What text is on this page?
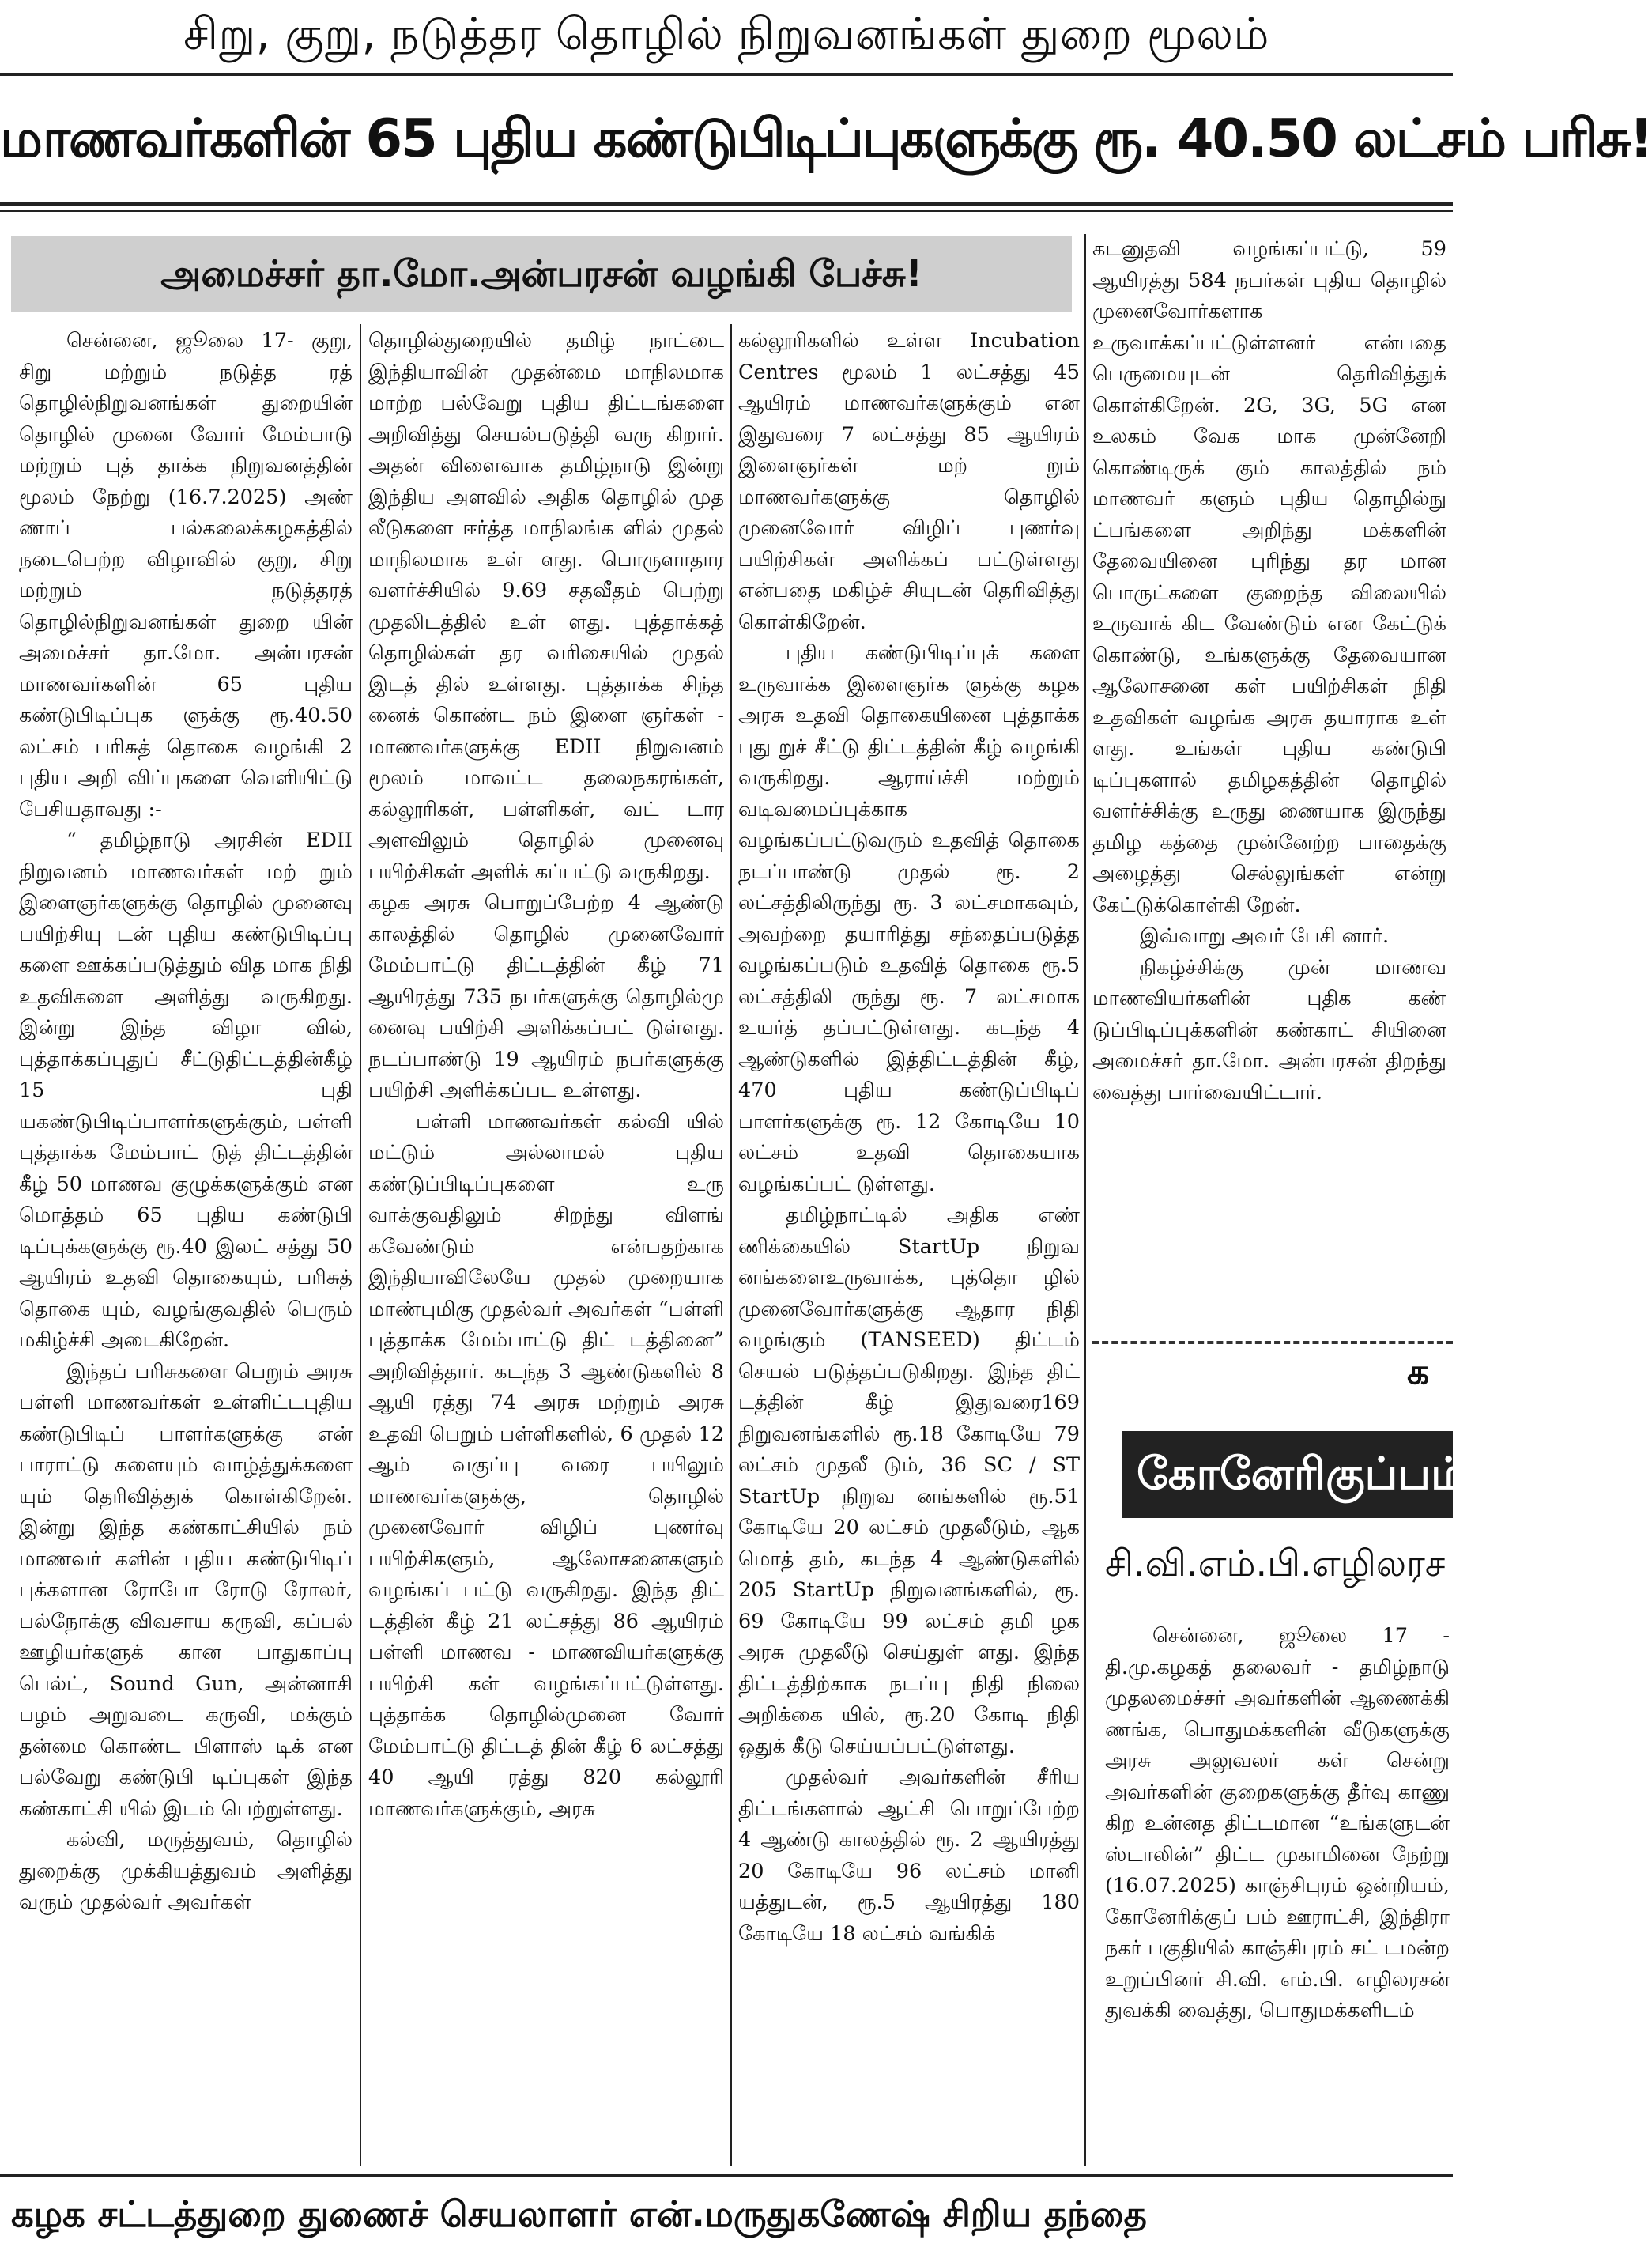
சிறு, குறு, நடுத்தர தொழில் நிறுவனங்கள் துறை மூலம்
மாணவர்களின் 65 புதிய கண்டுபிடிப்புகளுக்கு ரூ. 40.50 லட்சம் பரிசு!
அமைச்சர் தா.மோ.அன்பரசன் வழங்கி பேச்சு!

சென்னை, ஜூலை 17- குறு, சிறு மற்றும் நடுத்த ரத் தொழில்நிறுவனங்கள் துறையின் தொழில் முனை வோர் மேம்பாடு மற்றும் புத் தாக்க நிறுவனத்தின் மூலம் நேற்று (16.7.2025) அண் ணாப் பல்கலைக்கழகத்தில் நடைபெற்ற விழாவில் குறு, சிறு மற்றும் நடுத்தரத் தொழில்நிறுவனங்கள் துறை யின் அமைச்சர் தா.மோ. அன்பரசன் மாணவர்களின் 65 புதிய கண்டுபிடிப்புக ளுக்கு ரூ.40.50 லட்சம் பரிசுத் தொகை வழங்கி 2 புதிய அறி விப்புகளை வெளியிட்டு பேசியதாவது :-

“ தமிழ்நாடு அரசின் EDII நிறுவனம் மாணவர்கள் மற் றும் இளைஞர்களுக்கு தொழில் முனைவு பயிற்சியு டன் புதிய கண்டுபிடிப்பு களை ஊக்கப்படுத்தும் வித மாக நிதி உதவிகளை அளித்து வருகிறது. இன்று இந்த விழா வில், புத்தாக்கப்புதுப் சீட்டுதிட்டத்தின்கீழ் 15 புதி யகண்டுபிடிப்பாளர்களுக்கும், பள்ளி புத்தாக்க மேம்பாட் டுத் திட்டத்தின் கீழ் 50 மாணவ குழுக்களுக்கும் என மொத்தம் 65 புதிய கண்டுபி டிப்புக்களுக்கு ரூ.40 இலட் சத்து 50 ஆயிரம் உதவி தொகையும், பரிசுத் தொகை யும், வழங்குவதில் பெரும் மகிழ்ச்சி அடைகிறேன்.

இந்தப் பரிசுகளை பெறும் அரசு பள்ளி மாணவர்கள் உள்ளிட்டபுதிய கண்டுபிடிப் பாளர்களுக்கு என் பாராட்டு களையும் வாழ்த்துக்களை யும் தெரிவித்துக் கொள்கிறேன். இன்று இந்த கண்காட்சியில் நம் மாணவர் களின் புதிய கண்டுபிடிப் புக்களான ரோபோ ரோடு ரோலர், பல்நோக்கு விவசாய கருவி, கப்பல் ஊழியர்களுக் கான பாதுகாப்பு பெல்ட், Sound Gun, அன்னாசி பழம் அறுவடை கருவி, மக்கும் தன்மை கொண்ட பிளாஸ் டிக் என பல்வேறு கண்டுபி டிப்புகள் இந்த கண்காட்சி யில் இடம் பெற்றுள்ளது.

கல்வி, மருத்துவம், தொழில் துறைக்கு முக்கியத்துவம் அளித்து வரும் முதல்வர் அவர்கள்

தொழில்துறையில் தமிழ் நாட்டை இந்தியாவின் முதன்மை மாநிலமாக மாற்ற பல்வேறு புதிய திட்டங்களை அறிவித்து செயல்படுத்தி வரு கிறார். அதன் விளைவாக தமிழ்நாடு இன்று இந்திய அளவில் அதிக தொழில் முத லீடுகளை ஈர்த்த மாநிலங்க ளில் முதல் மாநிலமாக உள் ளது. பொருளாதார வளர்ச்சியில் 9.69 சதவீதம் பெற்று முதலிடத்தில் உள் ளது. புத்தாக்கத் தொழில்கள் தர வரிசையில் முதல் இடத் தில் உள்ளது. புத்தாக்க சிந்த னைக் கொண்ட நம் இளை ஞர்கள் - மாணவர்களுக்கு EDII நிறுவனம் மூலம் மாவட்ட தலைநகரங்கள், கல்லூரிகள், பள்ளிகள், வட் டார அளவிலும் தொழில் முனைவு பயிற்சிகள் அளிக் கப்பட்டு வருகிறது.

கழக அரசு பொறுப்பேற்ற 4 ஆண்டு காலத்தில் தொழில் முனைவோர் மேம்பாட்டு திட்டத்தின் கீழ் 71 ஆயிரத்து 735 நபர்களுக்கு தொழில்மு னைவு பயிற்சி அளிக்கப்பட் டுள்ளது. நடப்பாண்டு 19 ஆயிரம் நபர்களுக்கு பயிற்சி அளிக்கப்பட உள்ளது.

பள்ளி மாணவர்கள் கல்வி யில் மட்டும் அல்லாமல் புதிய கண்டுப்பிடிப்புகளை உரு வாக்குவதிலும் சிறந்து விளங் கவேண்டும் என்பதற்காக இந்தியாவிலேயே முதல் முறையாக மாண்புமிகு முதல்வர் அவர்கள் “பள்ளி புத்தாக்க மேம்பாட்டு திட் டத்தினை” அறிவித்தார். கடந்த 3 ஆண்டுகளில் 8 ஆயி ரத்து 74 அரசு மற்றும் அரசு உதவி பெறும் பள்ளிகளில், 6 முதல் 12 ஆம் வகுப்பு வரை பயிலும் மாணவர்களுக்கு, தொழில் முனைவோர் விழிப் புணர்வு பயிற்சிகளும், ஆலோசனைகளும் வழங்கப் பட்டு வருகிறது. இந்த திட் டத்தின் கீழ் 21 லட்சத்து 86 ஆயிரம் பள்ளி மாணவ - மாணவியர்களுக்கு பயிற்சி கள் வழங்கப்பட்டுள்ளது. புத்தாக்க தொழில்முனை வோர் மேம்பாட்டு திட்டத் தின் கீழ் 6 லட்சத்து 40 ஆயி ரத்து 820 கல்லூரி மாணவர்களுக்கும், அரசு

கல்லூரிகளில் உள்ள Incubation Centres மூலம் 1 லட்சத்து 45 ஆயிரம் மாணவர்களுக்கும் என இதுவரை 7 லட்சத்து 85 ஆயிரம் இளைஞர்கள் மற் றும் மாணவர்களுக்கு தொழில் முனைவோர் விழிப் புணர்வு பயிற்சிகள் அளிக்கப் பட்டுள்ளது என்பதை மகிழ்ச் சியுடன் தெரிவித்து கொள்கிறேன்.

புதிய கண்டுபிடிப்புக் களை உருவாக்க இளைஞர்க ளுக்கு கழக அரசு உதவி தொகையினை புத்தாக்க புது றுச் சீட்டு திட்டத்தின் கீழ் வழங்கி வருகிறது. ஆராய்ச்சி மற்றும் வடிவமைப்புக்காக வழங்கப்பட்டுவரும் உதவித் தொகை நடப்பாண்டு முதல் ரூ. 2 லட்சத்திலிருந்து ரூ. 3 லட்சமாகவும், அவற்றை தயாரித்து சந்தைப்படுத்த வழங்கப்படும் உதவித் தொகை ரூ.5 லட்சத்திலி ருந்து ரூ. 7 லட்சமாக உயர்த் தப்பட்டுள்ளது. கடந்த 4 ஆண்டுகளில் இத்திட்டத்தின் கீழ், 470 புதிய கண்டுப்பிடிப் பாளர்களுக்கு ரூ. 12 கோடியே 10 லட்சம் உதவி தொகையாக வழங்கப்பட் டுள்ளது.

தமிழ்நாட்டில் அதிக எண் ணிக்கையில் StartUp நிறுவ னங்களைஉருவாக்க, புத்தொ ழில் முனைவோர்களுக்கு ஆதார நிதி வழங்கும் (TANSEED) திட்டம் செயல் படுத்தப்படுகிறது. இந்த திட் டத்தின் கீழ் இதுவரை169 நிறுவனங்களில் ரூ.18 கோடியே 79 லட்சம் முதலீ டும், 36 SC / ST StartUp நிறுவ னங்களில் ரூ.51 கோடியே 20 லட்சம் முதலீடும், ஆக மொத் தம், கடந்த 4 ஆண்டுகளில் 205 StartUp நிறுவனங்களில், ரூ. 69 கோடியே 99 லட்சம் தமி ழக அரசு முதலீடு செய்துள் ளது. இந்த திட்டத்திற்காக நடப்பு நிதி நிலை அறிக்கை யில், ரூ.20 கோடி நிதி ஒதுக் கீடு செய்யப்பட்டுள்ளது.

முதல்வர் அவர்களின் சீரிய திட்டங்களால் ஆட்சி பொறுப்பேற்ற 4 ஆண்டு காலத்தில் ரூ. 2 ஆயிரத்து 20 கோடியே 96 லட்சம் மானி யத்துடன், ரூ.5 ஆயிரத்து 180 கோடியே 18 லட்சம் வங்கிக்

கடனுதவி வழங்கப்பட்டு, 59 ஆயிரத்து 584 நபர்கள் புதிய தொழில் முனைவோர்களாக உருவாக்கப்பட்டுள்ளனர் என்பதை பெருமையுடன் தெரிவித்துக் கொள்கிறேன். 2G, 3G, 5G என உலகம் வேக மாக முன்னேறி கொண்டிருக் கும் காலத்தில் நம் மாணவர் களும் புதிய தொழில்நு ட்பங்களை அறிந்து மக்களின் தேவையினை புரிந்து தர மான பொருட்களை குறைந்த விலையில் உருவாக் கிட வேண்டும் என கேட்டுக் கொண்டு, உங்களுக்கு தேவையான ஆலோசனை கள் பயிற்சிகள் நிதி உதவிகள் வழங்க அரசு தயாராக உள் ளது. உங்கள் புதிய கண்டுபி டிப்புகளால் தமிழகத்தின் தொழில் வளர்ச்சிக்கு உருது ணையாக இருந்து தமிழ கத்தை முன்னேற்ற பாதைக்கு அழைத்து செல்லுங்கள் என்று கேட்டுக்கொள்கி றேன்.

இவ்வாறு அவர் பேசி னார்.

நிகழ்ச்சிக்கு முன் மாணவ மாணவியர்களின் புதிக கண் டுப்பிடிப்புக்களின் கண்காட் சியினை அமைச்சர் தா.மோ. அன்பரசன் திறந்து வைத்து பார்வையிட்டார்.

க
கோனேரிகுப்பம் கிரா
சி.வி.எம்.பி.எழிலரச

சென்னை, ஜூலை 17 - தி.மு.கழகத் தலைவர் - தமிழ்நாடு முதலமைச்சர் அவர்களின் ஆணைக்கி ணங்க, பொதுமக்களின் வீடுகளுக்கு அரசு அலுவலர் கள் சென்று அவர்களின் குறைகளுக்கு தீர்வு காணு கிற உன்னத திட்டமான “உங்களுடன் ஸ்டாலின்” திட்ட முகாமினை நேற்று (16.07.2025) காஞ்சிபுரம் ஒன்றியம், கோனேரிக்குப் பம் ஊராட்சி, இந்திரா நகர் பகுதியில் காஞ்சிபுரம் சட் டமன்ற உறுப்பினர் சி.வி. எம்.பி. எழிலரசன் துவக்கி வைத்து, பொதுமக்களிடம்

கழக சட்டத்துறை துணைச் செயலாளர் என்.மருதுகணேஷ் சிறிய தந்தை
